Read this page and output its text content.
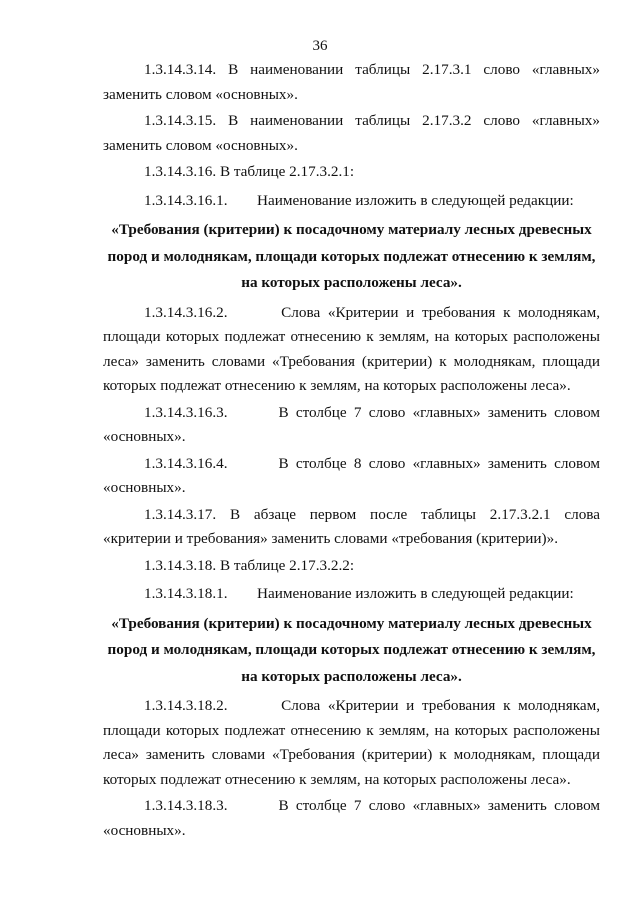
36

1.3.14.3.14. В наименовании таблицы 2.17.3.1 слово «главных» заменить словом «основных».

1.3.14.3.15. В наименовании таблицы 2.17.3.2 слово «главных» заменить словом «основных».

1.3.14.3.16. В таблице 2.17.3.2.1:

1.3.14.3.16.1.	Наименование изложить в следующей редакции:

«Требования (критерии) к посадочному материалу лесных древесных пород и молоднякам, площади которых подлежат отнесению к землям, на которых расположены леса».

1.3.14.3.16.2.	Слова «Критерии и требования к молоднякам, площади которых подлежат отнесению к землям, на которых расположены леса» заменить словами «Требования (критерии) к молоднякам, площади которых подлежат отнесению к землям, на которых расположены леса».

1.3.14.3.16.3.	В столбце 7 слово «главных» заменить словом «основных».

1.3.14.3.16.4.	В столбце 8 слово «главных» заменить словом «основных».

1.3.14.3.17. В абзаце первом после таблицы 2.17.3.2.1 слова «критерии и требования» заменить словами «требования (критерии)».

1.3.14.3.18. В таблице 2.17.3.2.2:

1.3.14.3.18.1.	Наименование изложить в следующей редакции:

«Требования (критерии) к посадочному материалу лесных древесных пород и молоднякам, площади которых подлежат отнесению к землям, на которых расположены леса».

1.3.14.3.18.2.	Слова «Критерии и требования к молоднякам, площади которых подлежат отнесению к землям, на которых расположены леса» заменить словами «Требования (критерии) к молоднякам, площади которых подлежат отнесению к землям, на которых расположены леса».

1.3.14.3.18.3.	В столбце 7 слово «главных» заменить словом «основных».
